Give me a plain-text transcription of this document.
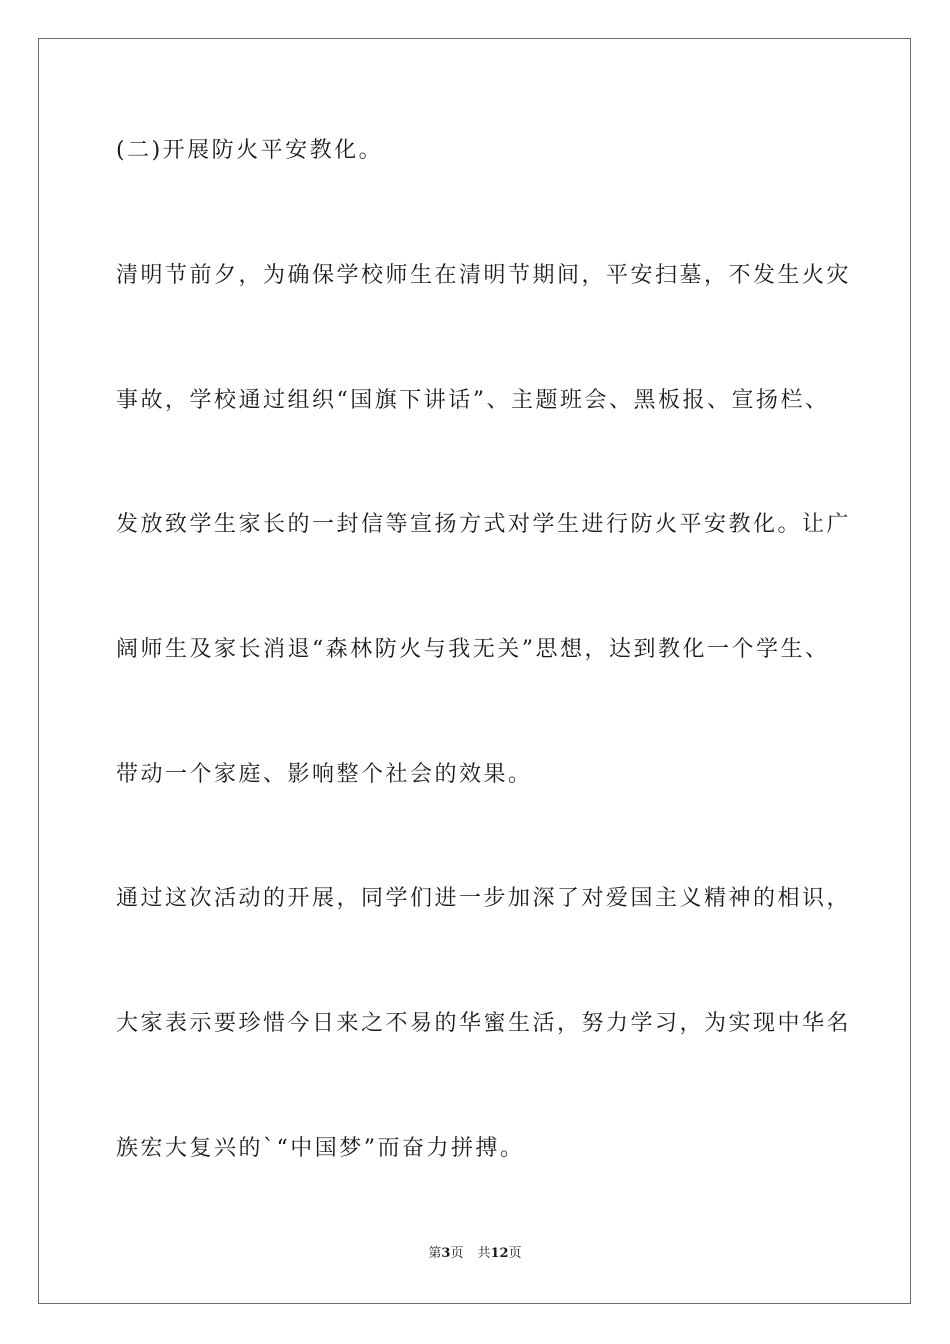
(二)开展防火平安教化。
清明节前夕，为确保学校师生在清明节期间，平安扫墓，不发生火灾
事故，学校通过组织“国旗下讲话”、主题班会、黑板报、宣扬栏、
发放致学生家长的一封信等宣扬方式对学生进行防火平安教化。让广
阔师生及家长消退“森林防火与我无关”思想，达到教化一个学生、
带动一个家庭、影响整个社会的效果。
通过这次活动的开展，同学们进一步加深了对爱国主义精神的相识，
大家表示要珍惜今日来之不易的华蜜生活，努力学习，为实现中华名
族宏大复兴的`“中国梦”而奋力拼搏。
第3页 共12页
